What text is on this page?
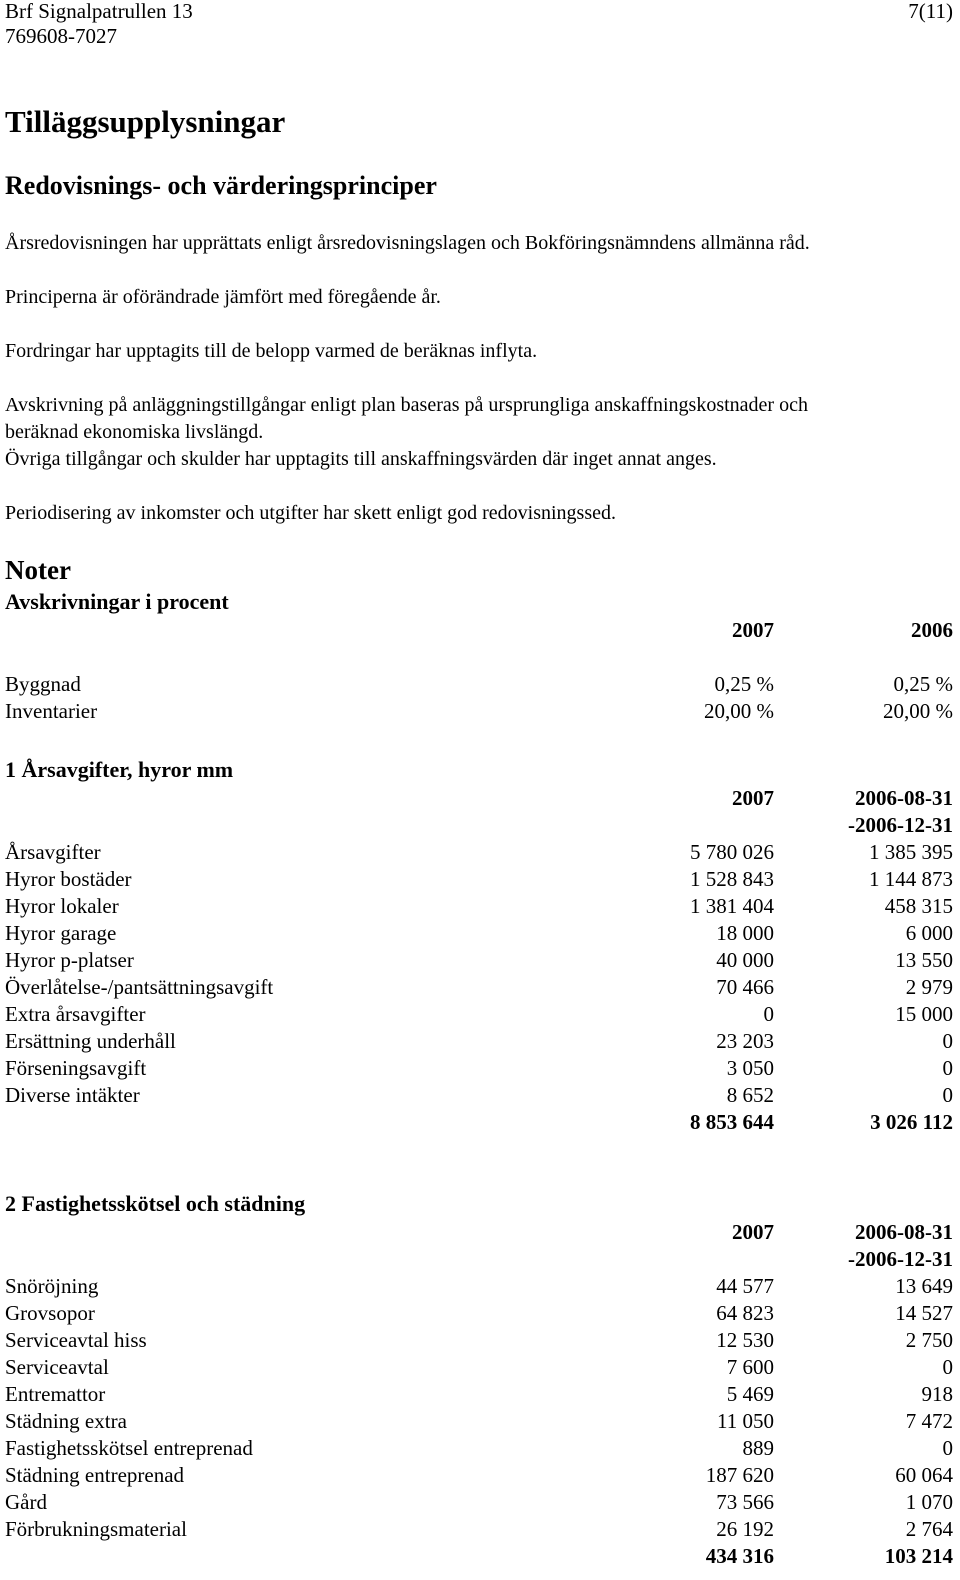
Brf Signalpatrullen 13
769608-7027
7(11)
Tilläggsupplysningar
Redovisnings- och värderingsprinciper
Årsredovisningen har upprättats enligt årsredovisningslagen och Bokföringsnämndens allmänna råd.
Principerna är oförändrade jämfört med föregående år.
Fordringar har upptagits till de belopp varmed de beräknas inflyta.
Avskrivning på anläggningstillgångar enligt plan baseras på ursprungliga anskaffningskostnader och
beräknad ekonomiska livslängd.
Övriga tillgångar och skulder har upptagits till anskaffningsvärden där inget annat anges.
Periodisering av inkomster och utgifter har skett enligt god redovisningssed.
Noter
Avskrivningar i procent
2007	2006
Byggnad	0,25 %	0,25 %
Inventarier	20,00 %	20,00 %
1 Årsavgifter, hyror mm
2007	2006-08-31
-2006-12-31
Årsavgifter	5 780 026	1 385 395
Hyror bostäder	1 528 843	1 144 873
Hyror lokaler	1 381 404	458 315
Hyror garage	18 000	6 000
Hyror p-platser	40 000	13 550
Överlåtelse-/pantsättningsavgift	70 466	2 979
Extra årsavgifter	0	15 000
Ersättning underhåll	23 203	0
Förseningsavgift	3 050	0
Diverse intäkter	8 652	0
8 853 644	3 026 112
2 Fastighetsskötsel och städning
2007	2006-08-31
-2006-12-31
Snöröjning	44 577	13 649
Grovsopor	64 823	14 527
Serviceavtal hiss	12 530	2 750
Serviceavtal	7 600	0
Entremattor	5 469	918
Städning extra	11 050	7 472
Fastighetsskötsel entreprenad	889	0
Städning entreprenad	187 620	60 064
Gård	73 566	1 070
Förbrukningsmaterial	26 192	2 764
434 316	103 214
